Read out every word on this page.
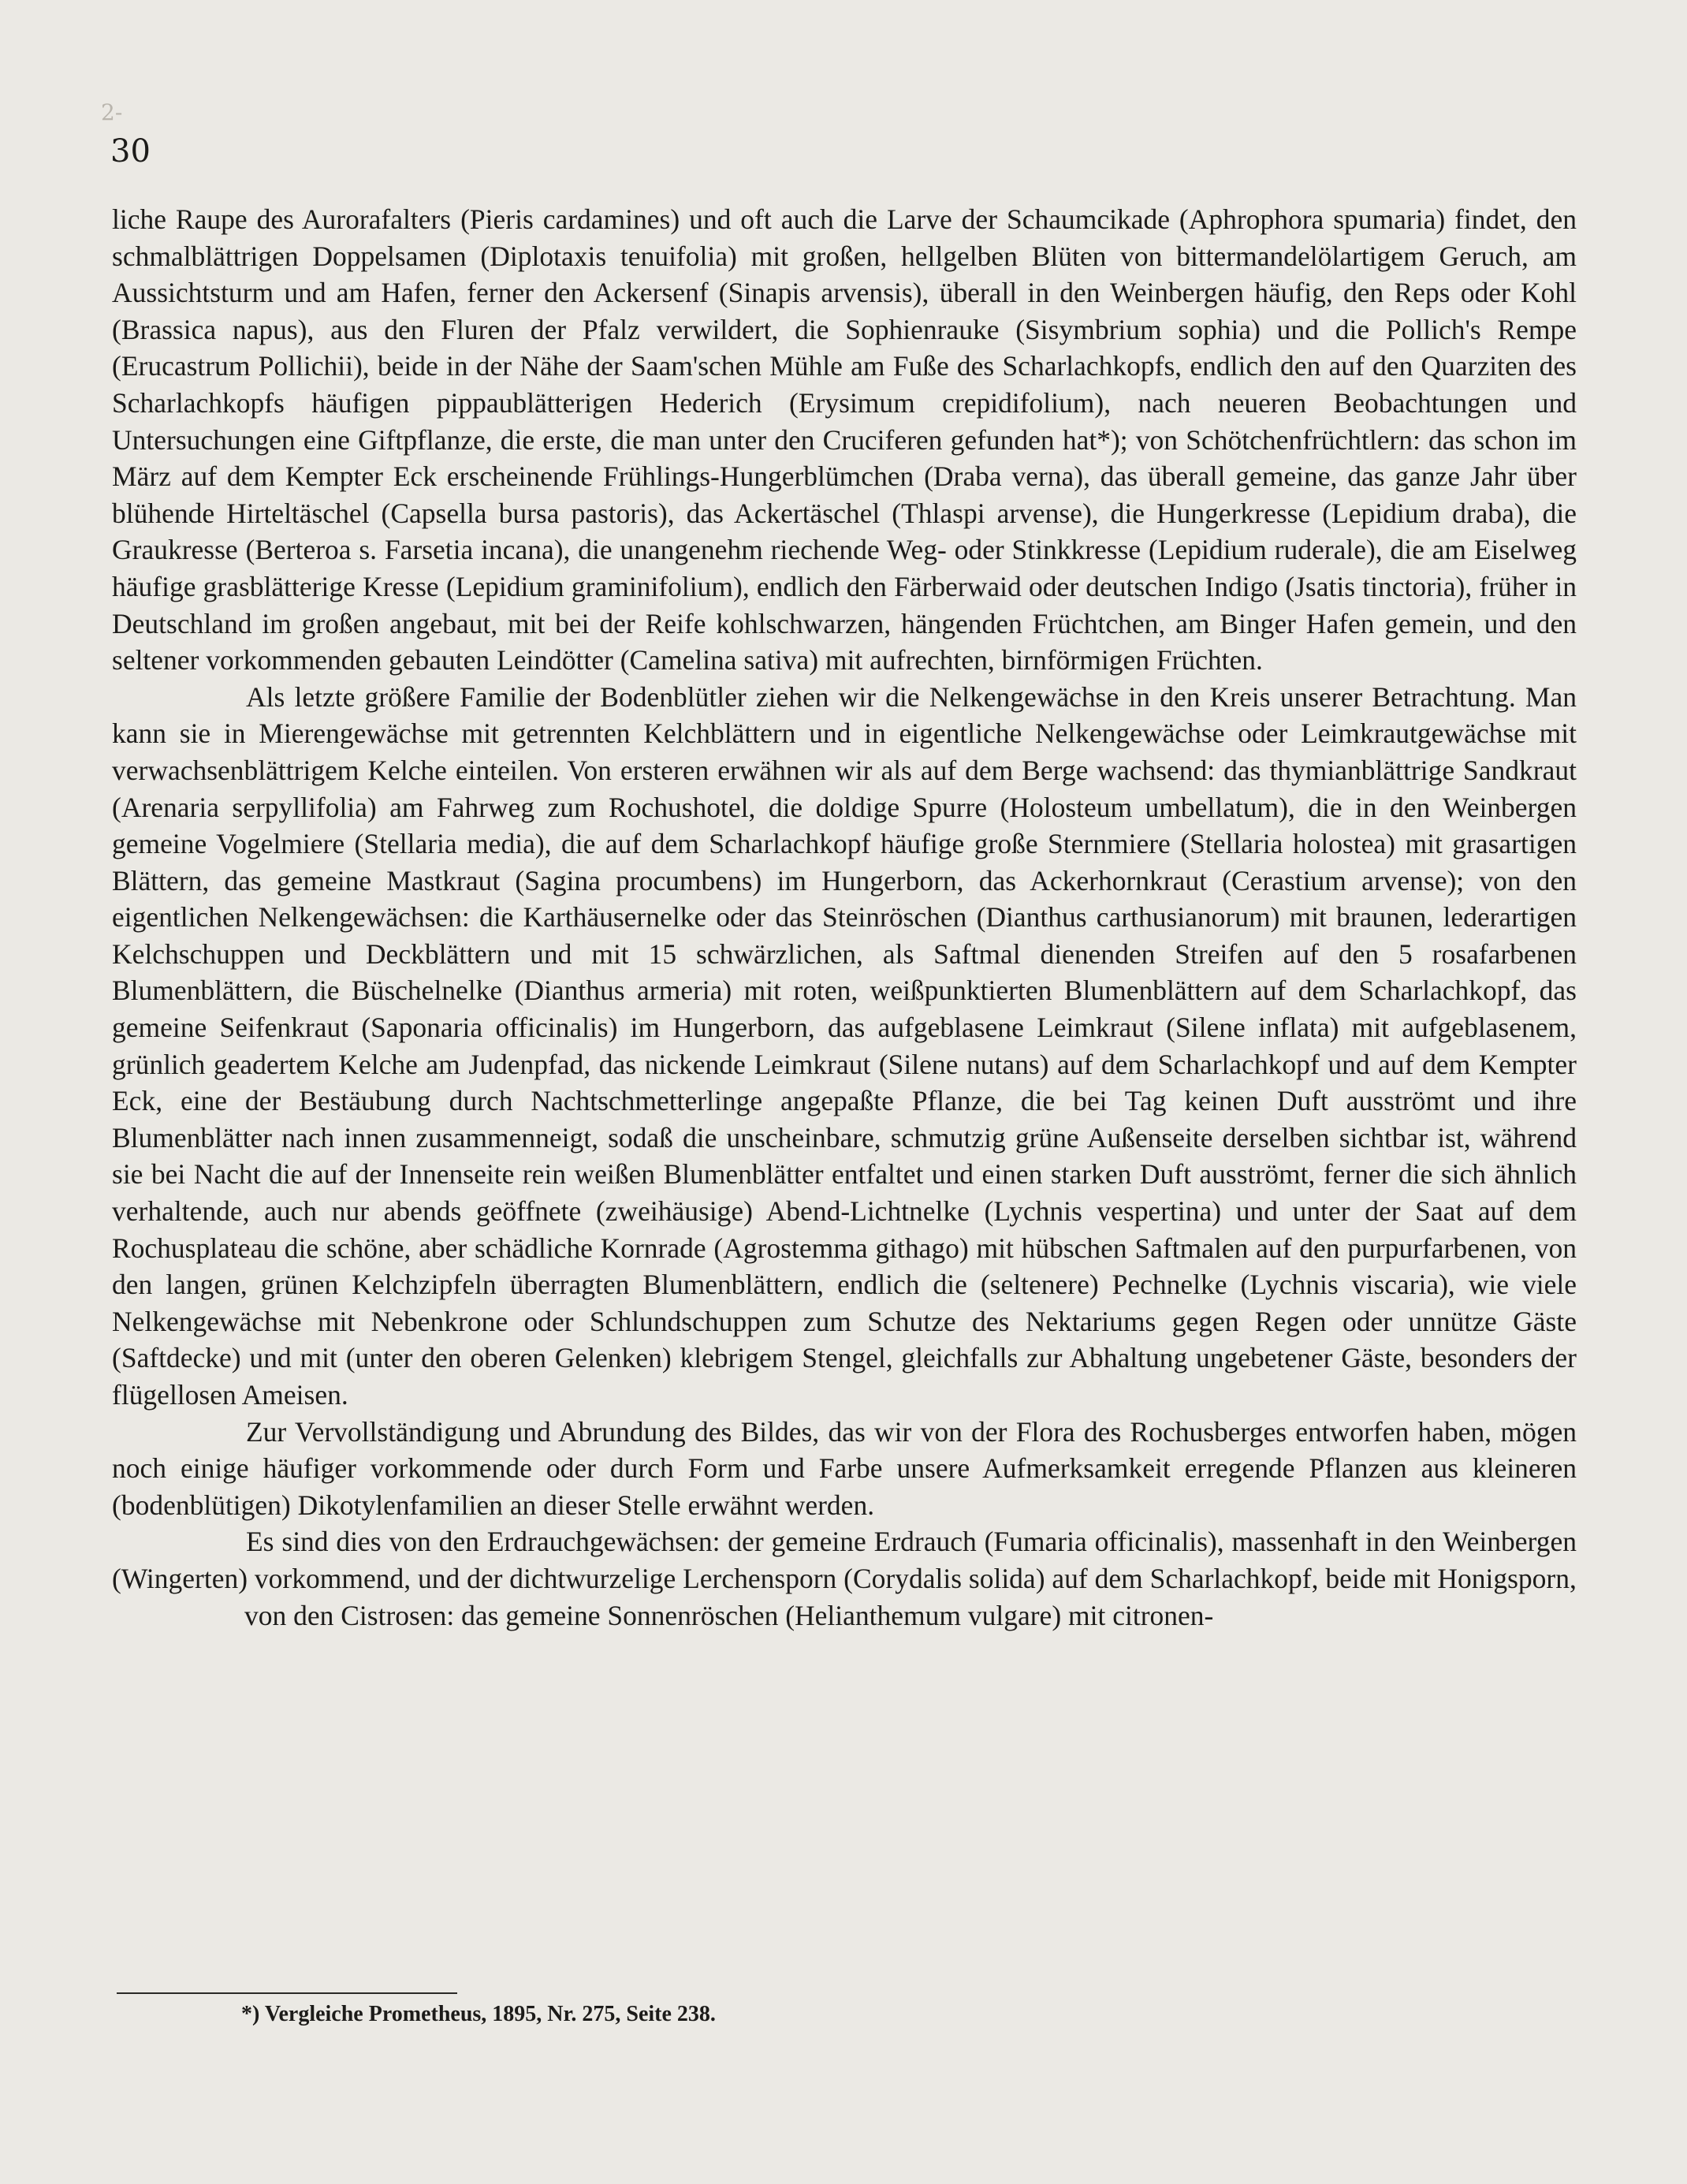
2-
30

liche Raupe des Aurorafalters (Pieris cardamines) und oft auch die Larve der Schaumcikade (Aphrophora spumaria) findet, den schmalblättrigen Doppelsamen (Diplotaxis tenuifolia) mit großen, hellgelben Blüten von bittermandelölartigem Geruch, am Aussichtsturm und am Hafen, ferner den Ackersenf (Sinapis arvensis), überall in den Weinbergen häufig, den Reps oder Kohl (Brassica napus), aus den Fluren der Pfalz verwildert, die Sophienrauke (Sisymbrium sophia) und die Pollich's Rempe (Erucastrum Pollichii), beide in der Nähe der Saam'schen Mühle am Fuße des Scharlachkopfs, endlich den auf den Quarziten des Scharlachkopfs häufigen pippaublätterigen Hederich (Erysimum crepidifolium), nach neueren Beobachtungen und Untersuchungen eine Giftpflanze, die erste, die man unter den Cruciferen gefunden hat*); von Schötchenfrüchtlern: das schon im März auf dem Kempter Eck erscheinende Frühlings-Hungerblümchen (Draba verna), das überall gemeine, das ganze Jahr über blühende Hirteltäschel (Capsella bursa pastoris), das Ackertäschel (Thlaspi arvense), die Hungerkresse (Lepidium draba), die Graukresse (Berteroa s. Farsetia incana), die unangenehm riechende Weg- oder Stinkkresse (Lepidium ruderale), die am Eiselweg häufige grasblätterige Kresse (Lepidium graminifolium), endlich den Färberwaid oder deutschen Indigo (Jsatis tinctoria), früher in Deutschland im großen angebaut, mit bei der Reife kohlschwarzen, hängenden Früchtchen, am Binger Hafen gemein, und den seltener vorkommenden gebauten Leindötter (Camelina sativa) mit aufrechten, birnförmigen Früchten.

Als letzte größere Familie der Bodenblütler ziehen wir die Nelkengewächse in den Kreis unserer Betrachtung. Man kann sie in Mierengewächse mit getrennten Kelchblättern und in eigentliche Nelkengewächse oder Leimkrautgewächse mit verwachsenblättrigem Kelche einteilen. Von ersteren erwähnen wir als auf dem Berge wachsend: das thymianblättrige Sandkraut (Arenaria serpyllifolia) am Fahrweg zum Rochushotel, die doldige Spurre (Holosteum umbellatum), die in den Weinbergen gemeine Vogelmiere (Stellaria media), die auf dem Scharlachkopf häufige große Sternmiere (Stellaria holostea) mit grasartigen Blättern, das gemeine Mastkraut (Sagina procumbens) im Hungerborn, das Ackerhornkraut (Cerastium arvense); von den eigentlichen Nelkengewächsen: die Karthäusernelke oder das Steinröschen (Dianthus carthusianorum) mit braunen, lederartigen Kelchschuppen und Deckblättern und mit 15 schwärzlichen, als Saftmal dienenden Streifen auf den 5 rosafarbenen Blumenblättern, die Büschelnelke (Dianthus armeria) mit roten, weißpunktierten Blumenblättern auf dem Scharlachkopf, das gemeine Seifenkraut (Saponaria officinalis) im Hungerborn, das aufgeblasene Leimkraut (Silene inflata) mit aufgeblasenem, grünlich geadertem Kelche am Judenpfad, das nickende Leimkraut (Silene nutans) auf dem Scharlachkopf und auf dem Kempter Eck, eine der Bestäubung durch Nachtschmetterlinge angepaßte Pflanze, die bei Tag keinen Duft ausströmt und ihre Blumenblätter nach innen zusammenneigt, sodaß die unscheinbare, schmutzig grüne Außenseite derselben sichtbar ist, während sie bei Nacht die auf der Innenseite rein weißen Blumenblätter entfaltet und einen starken Duft ausströmt, ferner die sich ähnlich verhaltende, auch nur abends geöffnete (zweihäusige) Abend-Lichtnelke (Lychnis vespertina) und unter der Saat auf dem Rochusplateau die schöne, aber schädliche Kornrade (Agrostemma githago) mit hübschen Saftmalen auf den purpurfarbenen, von den langen, grünen Kelchzipfeln überragten Blumenblättern, endlich die (seltenere) Pechnelke (Lychnis viscaria), wie viele Nelkengewächse mit Nebenkrone oder Schlundschuppen zum Schutze des Nektariums gegen Regen oder unnütze Gäste (Saftdecke) und mit (unter den oberen Gelenken) klebrigem Stengel, gleichfalls zur Abhaltung ungebetener Gäste, besonders der flügellosen Ameisen.

Zur Vervollständigung und Abrundung des Bildes, das wir von der Flora des Rochusberges entworfen haben, mögen noch einige häufiger vorkommende oder durch Form und Farbe unsere Aufmerksamkeit erregende Pflanzen aus kleineren (bodenblütigen) Dikotylenfamilien an dieser Stelle erwähnt werden.

Es sind dies von den Erdrauchgewächsen: der gemeine Erdrauch (Fumaria officinalis), massenhaft in den Weinbergen (Wingerten) vorkommend, und der dichtwurzelige Lerchensporn (Corydalis solida) auf dem Scharlachkopf, beide mit Honigsporn,

von den Cistrosen: das gemeine Sonnenröschen (Helianthemum vulgare) mit citronen-

*) Vergleiche Prometheus, 1895, Nr. 275, Seite 238.
